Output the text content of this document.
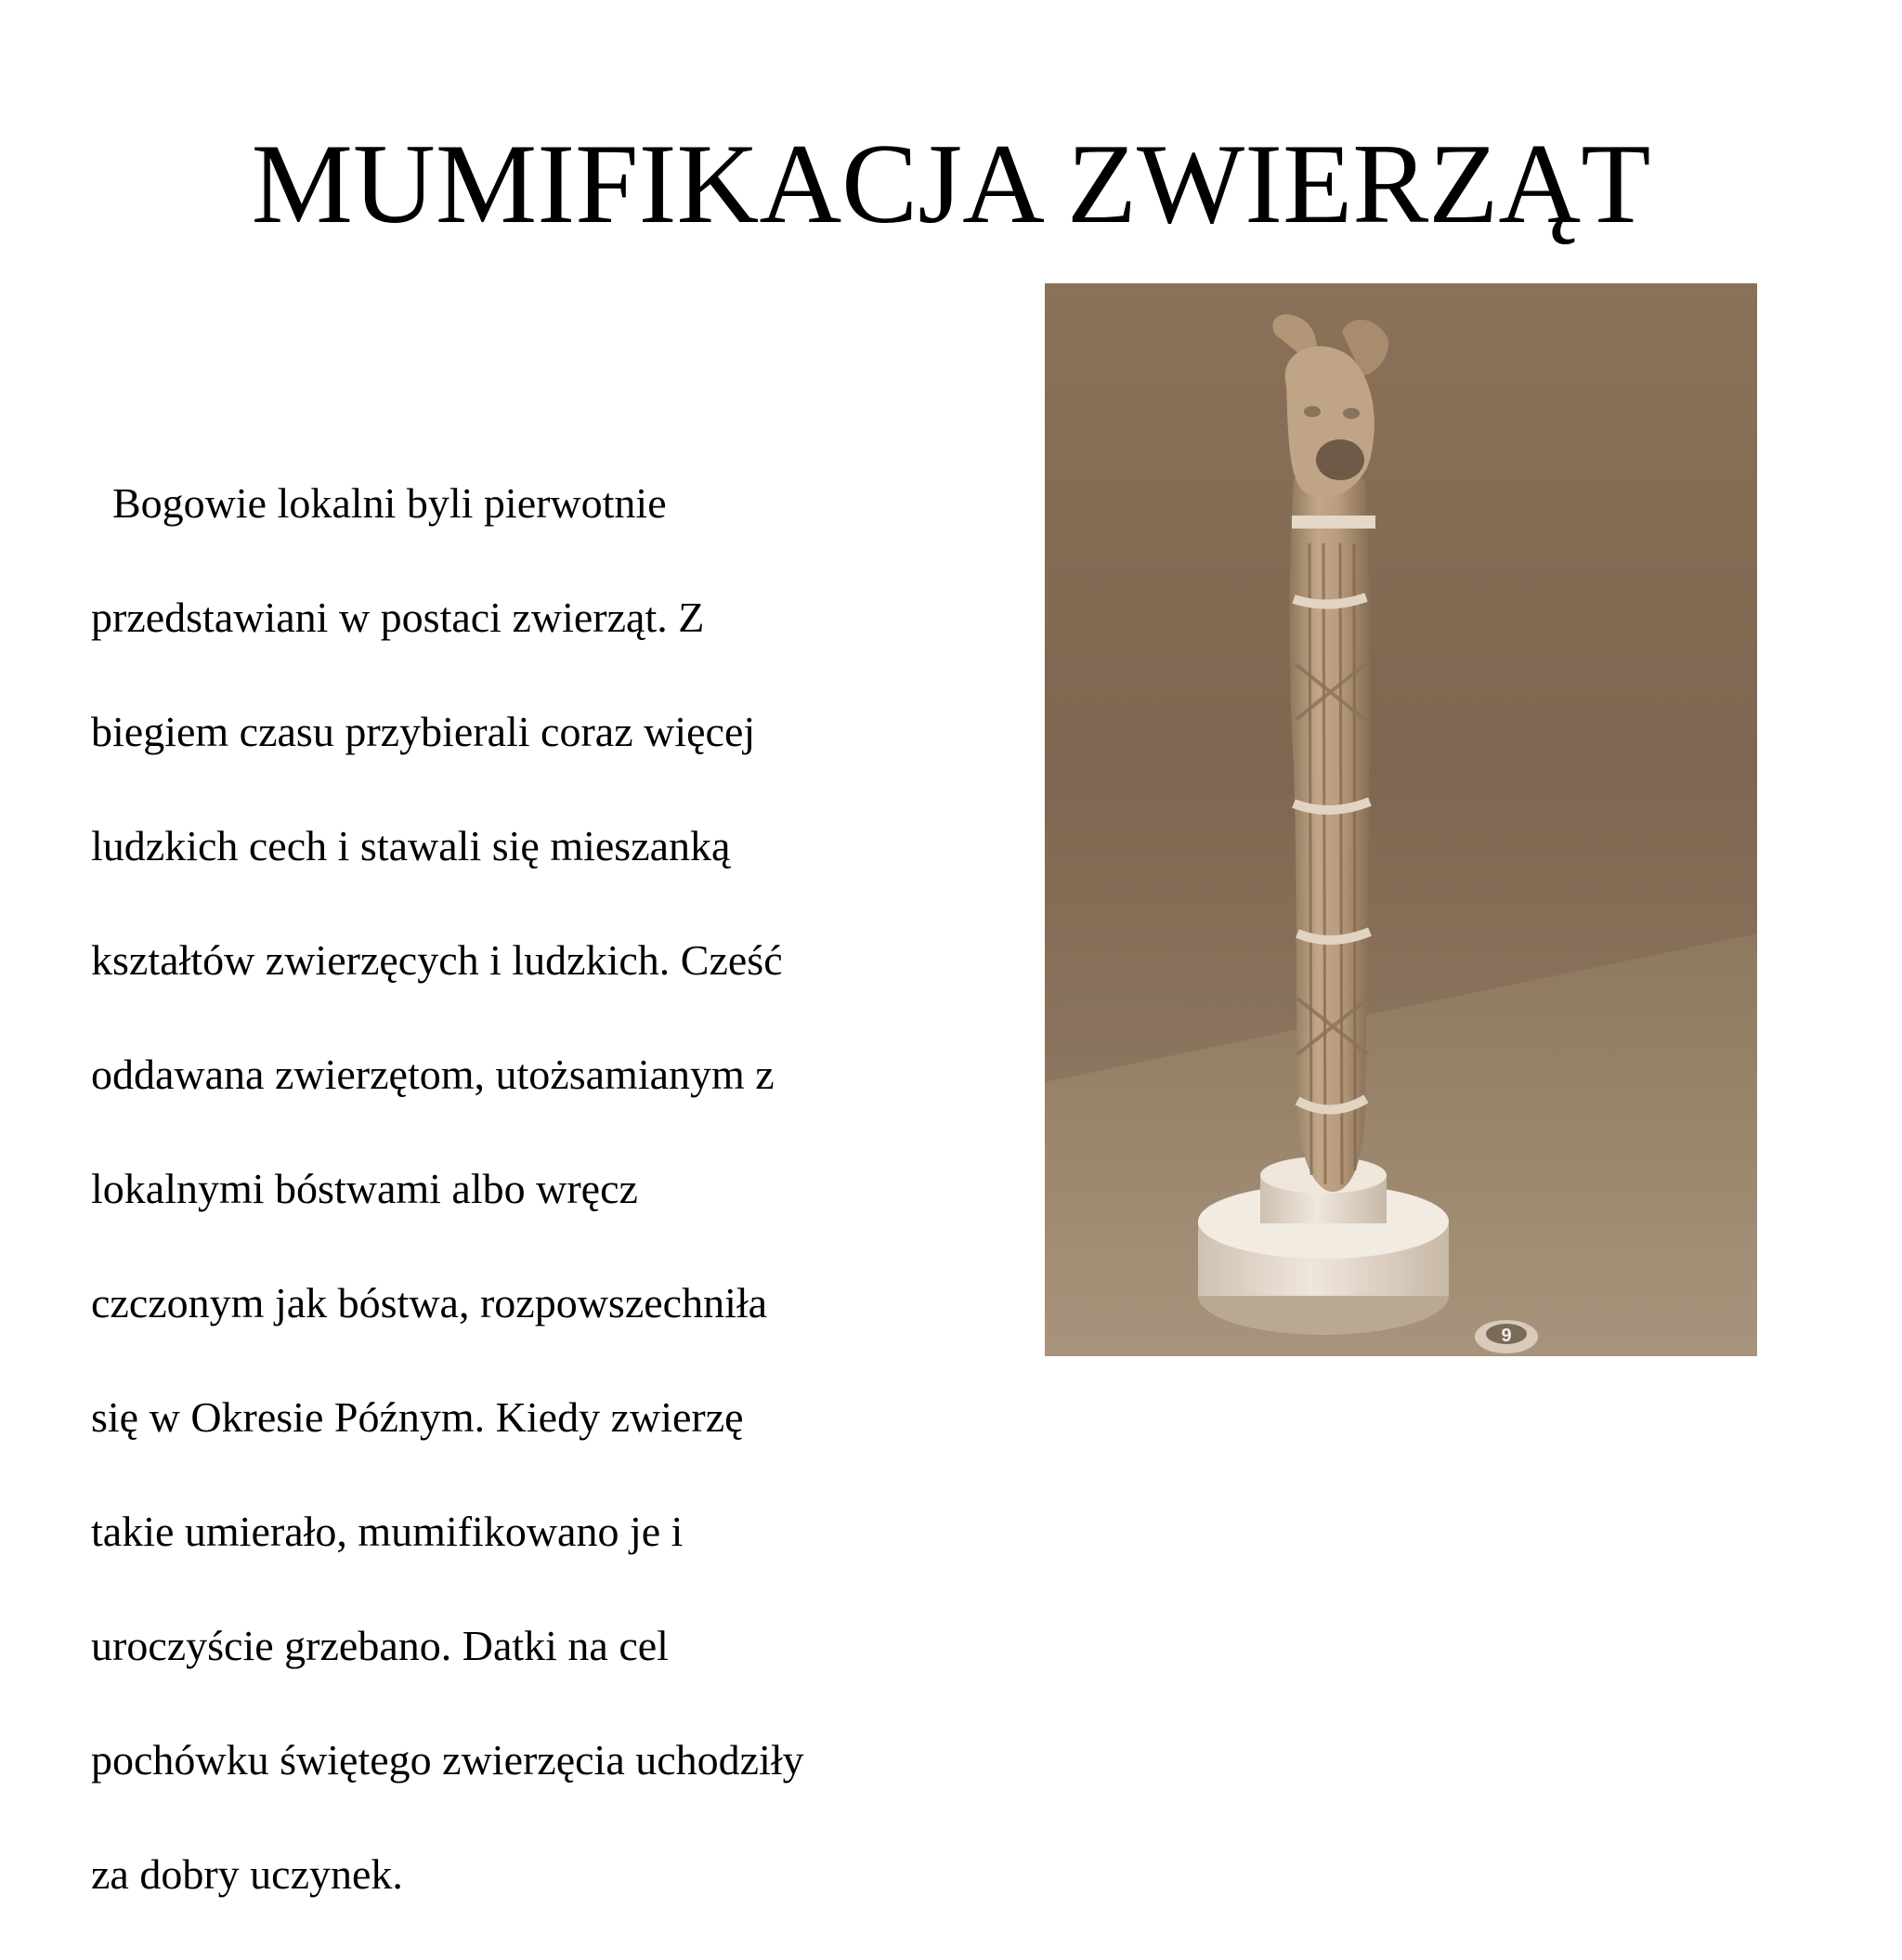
MUMIFIKACJA ZWIERZĄT

Bogowie lokalni byli pierwotnie

przedstawiani w postaci zwierząt. Z

biegiem czasu przybierali coraz więcej

ludzkich cech i stawali się mieszanką

kształtów zwierzęcych i ludzkich. Cześć

oddawana zwierzętom, utożsamianym z

lokalnymi bóstwami albo wręcz

czczonym jak bóstwa, rozpowszechniła

się w Okresie Późnym. Kiedy zwierzę

takie umierało, mumifikowano je i

uroczyście grzebano. Datki na cel

pochówku świętego zwierzęcia uchodziły

za dobry uczynek.

9
